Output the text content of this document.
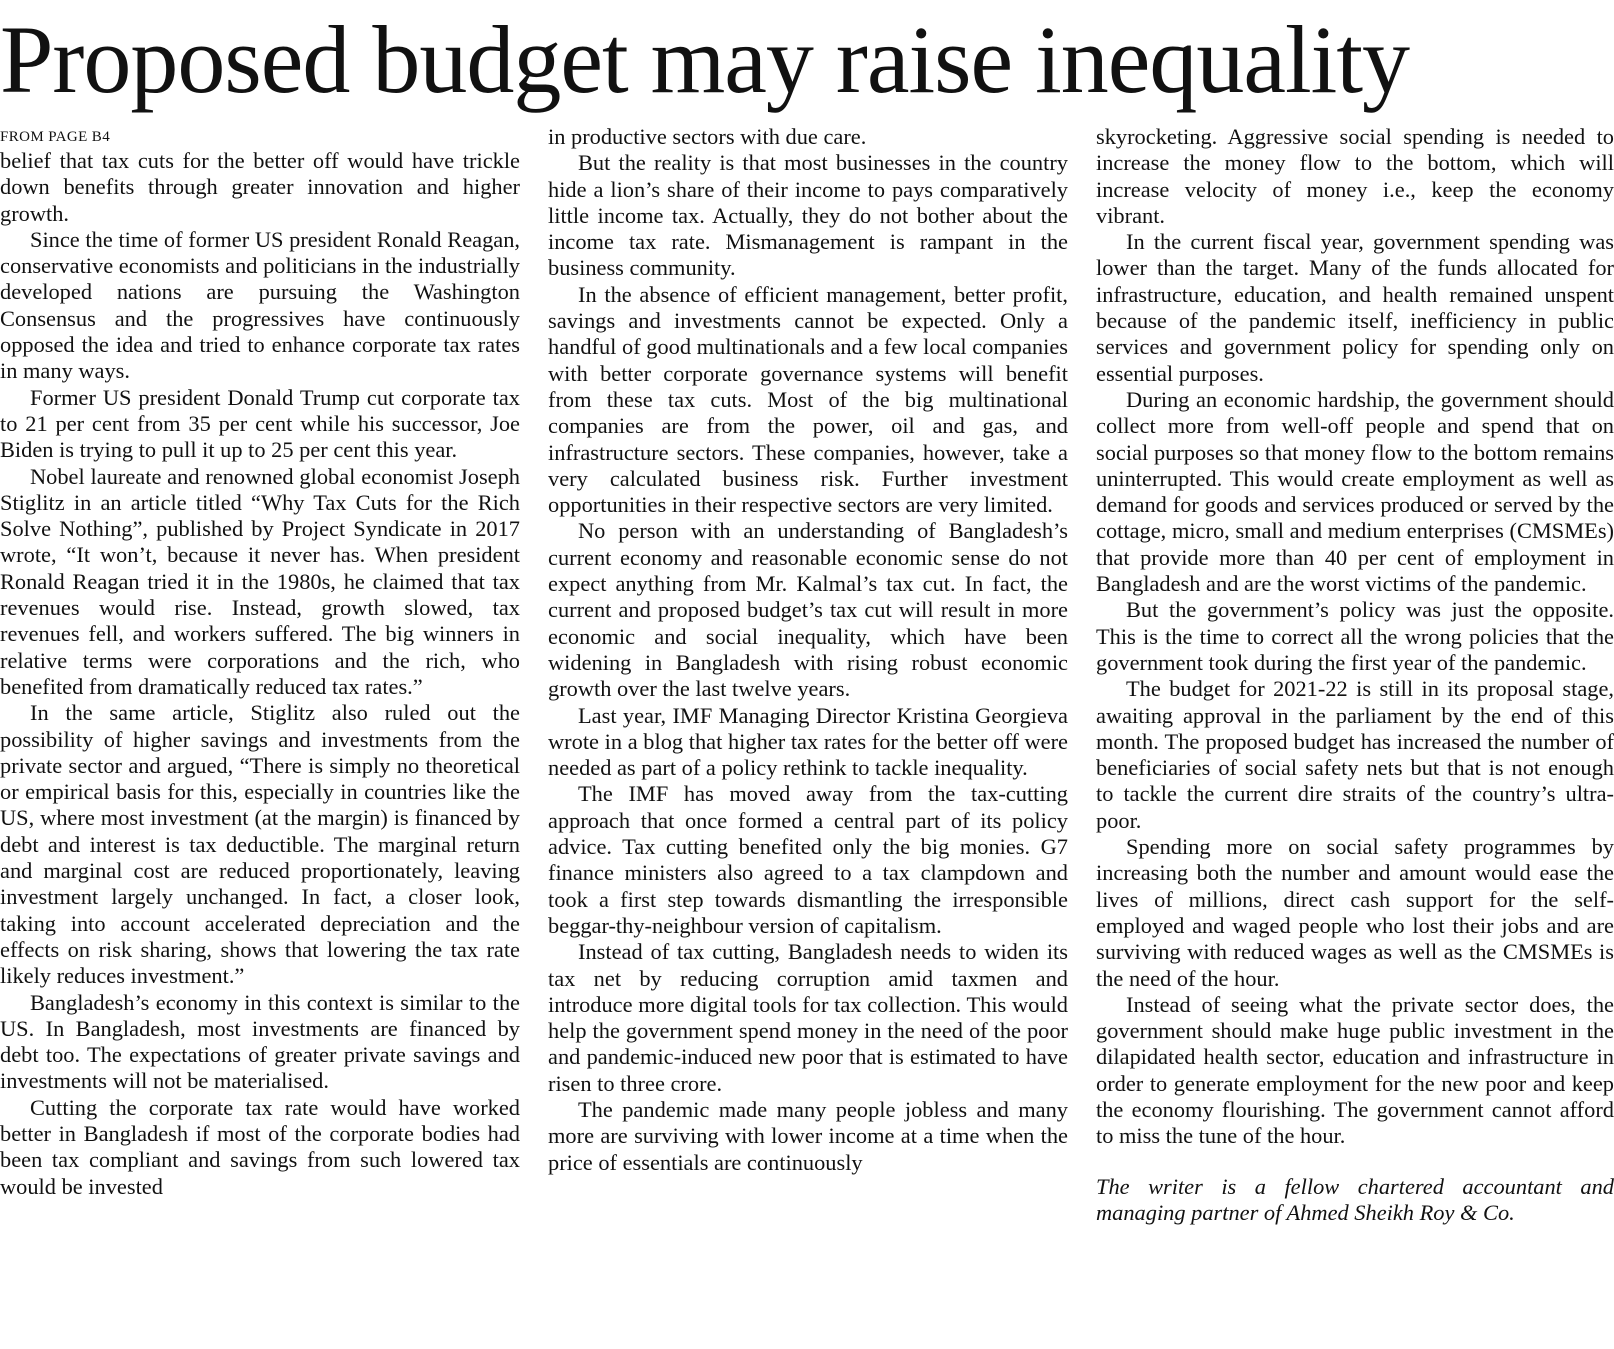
Proposed budget may raise inequality
FROM PAGE B4

belief that tax cuts for the better off would have trickle down benefits through greater innovation and higher growth.

Since the time of former US president Ronald Reagan, conservative economists and politicians in the industrially developed nations are pursuing the Washington Consensus and the progressives have continuously opposed the idea and tried to enhance corporate tax rates in many ways.

Former US president Donald Trump cut corporate tax to 21 per cent from 35 per cent while his successor, Joe Biden is trying to pull it up to 25 per cent this year.

Nobel laureate and renowned global economist Joseph Stiglitz in an article titled “Why Tax Cuts for the Rich Solve Nothing”, published by Project Syndicate in 2017 wrote, “It won’t, because it never has. When president Ronald Reagan tried it in the 1980s, he claimed that tax revenues would rise. Instead, growth slowed, tax revenues fell, and workers suffered. The big winners in relative terms were corporations and the rich, who benefited from dramatically reduced tax rates.”

In the same article, Stiglitz also ruled out the possibility of higher savings and investments from the private sector and argued, “There is simply no theoretical or empirical basis for this, especially in countries like the US, where most investment (at the margin) is financed by debt and interest is tax deductible. The marginal return and marginal cost are reduced proportionately, leaving investment largely unchanged. In fact, a closer look, taking into account accelerated depreciation and the effects on risk sharing, shows that lowering the tax rate likely reduces investment.”

Bangladesh’s economy in this context is similar to the US. In Bangladesh, most investments are financed by debt too. The expectations of greater private savings and investments will not be materialised.

Cutting the corporate tax rate would have worked better in Bangladesh if most of the corporate bodies had been tax compliant and savings from such lowered tax would be invested

in productive sectors with due care.

But the reality is that most businesses in the country hide a lion’s share of their income to pays comparatively little income tax. Actually, they do not bother about the income tax rate. Mismanagement is rampant in the business community.

In the absence of efficient management, better profit, savings and investments cannot be expected. Only a handful of good multinationals and a few local companies with better corporate governance systems will benefit from these tax cuts. Most of the big multinational companies are from the power, oil and gas, and infrastructure sectors. These companies, however, take a very calculated business risk. Further investment opportunities in their respective sectors are very limited.

No person with an understanding of Bangladesh’s current economy and reasonable economic sense do not expect anything from Mr. Kalmal’s tax cut. In fact, the current and proposed budget’s tax cut will result in more economic and social inequality, which have been widening in Bangladesh with rising robust economic growth over the last twelve years.

Last year, IMF Managing Director Kristina Georgieva wrote in a blog that higher tax rates for the better off were needed as part of a policy rethink to tackle inequality.

The IMF has moved away from the tax-cutting approach that once formed a central part of its policy advice. Tax cutting benefited only the big monies. G7 finance ministers also agreed to a tax clampdown and took a first step towards dismantling the irresponsible beggar-thy-neighbour version of capitalism.

Instead of tax cutting, Bangladesh needs to widen its tax net by reducing corruption amid taxmen and introduce more digital tools for tax collection. This would help the government spend money in the need of the poor and pandemic-induced new poor that is estimated to have risen to three crore.

The pandemic made many people jobless and many more are surviving with lower income at a time when the price of essentials are continuously

skyrocketing. Aggressive social spending is needed to increase the money flow to the bottom, which will increase velocity of money i.e., keep the economy vibrant.

In the current fiscal year, government spending was lower than the target. Many of the funds allocated for infrastructure, education, and health remained unspent because of the pandemic itself, inefficiency in public services and government policy for spending only on essential purposes.

During an economic hardship, the government should collect more from well-off people and spend that on social purposes so that money flow to the bottom remains uninterrupted. This would create employment as well as demand for goods and services produced or served by the cottage, micro, small and medium enterprises (CMSMEs) that provide more than 40 per cent of employment in Bangladesh and are the worst victims of the pandemic.

But the government’s policy was just the opposite. This is the time to correct all the wrong policies that the government took during the first year of the pandemic.

The budget for 2021-22 is still in its proposal stage, awaiting approval in the parliament by the end of this month. The proposed budget has increased the number of beneficiaries of social safety nets but that is not enough to tackle the current dire straits of the country’s ultra-poor.

Spending more on social safety programmes by increasing both the number and amount would ease the lives of millions, direct cash support for the self-employed and waged people who lost their jobs and are surviving with reduced wages as well as the CMSMEs is the need of the hour.

Instead of seeing what the private sector does, the government should make huge public investment in the dilapidated health sector, education and infrastructure in order to generate employment for the new poor and keep the economy flourishing. The government cannot afford to miss the tune of the hour.

The writer is a fellow chartered accountant and managing partner of Ahmed Sheikh Roy & Co.
